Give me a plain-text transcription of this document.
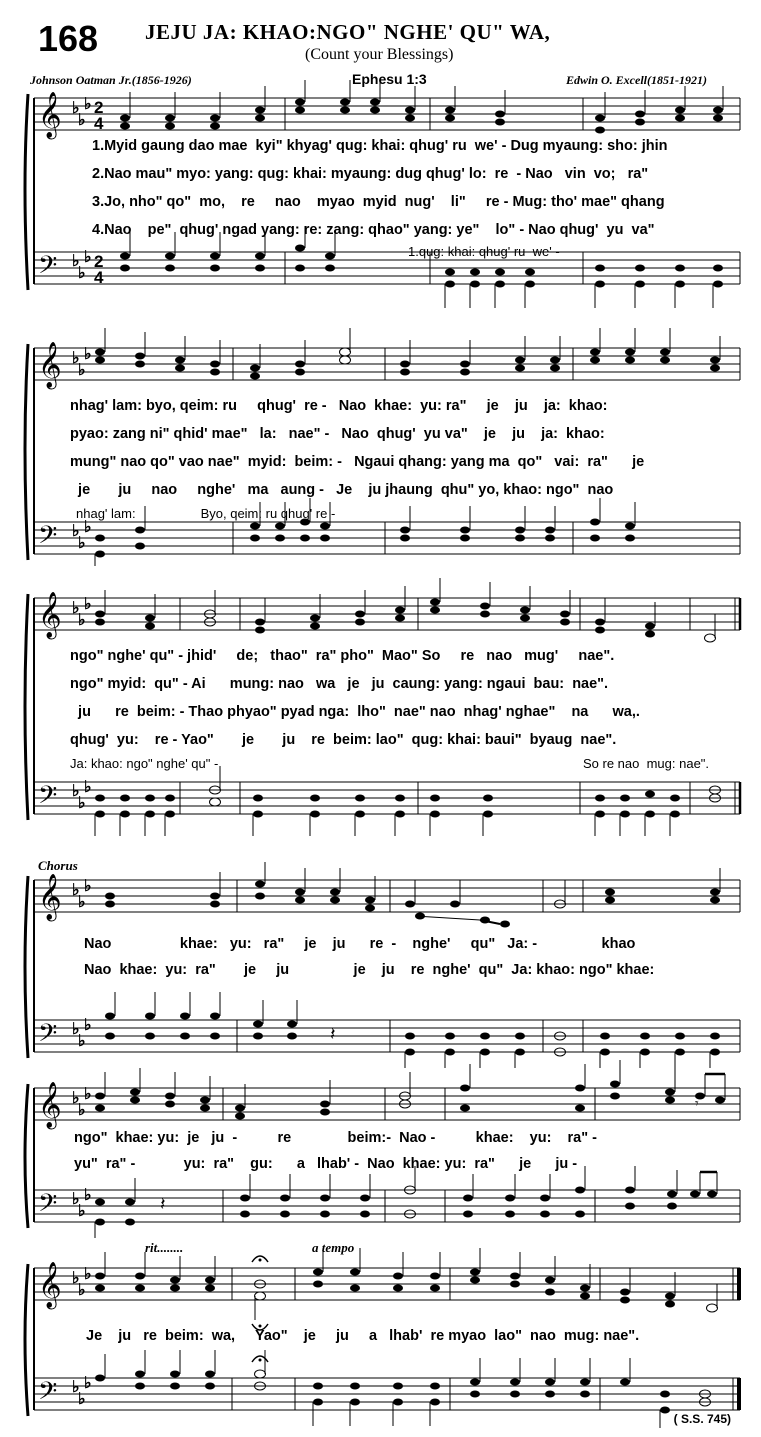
168 JEJU JA: KHAO:NGO" NGHE' QU" WA,
(Count your Blessings)
Johnson Oatman Jr.(1856-1926)	Ephesu 1:3	Edwin O. Excell(1851-1921)
𝄞
𝄢
♭
♭
♭
♭
♭
♭
2
4
2
4
1.Myid gaung dao mae  kyi" khyag' qug: khai: qhug' ru  we' - Dug myaung: sho: jhin
2.Nao mau" myo: yang: qug: khai: myaung: dug qhug' lo:  re  - Nao   vin  vo;   ra"
3.Jo, nho" qo"  mo,    re     nao    myao  myid  nug'    li"     re - Mug: tho' mae" qhang
4.Nao    pe"  qhug' ngad yang: re: zang: qhao" yang: ye"    lo" - Nao qhug'  yu  va"
1.qug: khai: qhug' ru  we' -
𝄞
𝄢
♭
♭
♭
♭
♭
♭
nhag' lam: byo, qeim: ru     qhug'  re -   Nao  khae:  yu: ra"     je    ju    ja:  khao:
pyao: zang ni" qhid' mae"   la:   nae" -   Nao  qhug'  yu va"    je    ju    ja:  khao:
mung" nao qo" vao nae"  myid:  beim: -   Ngaui qhang: yang ma  qo"   vai:  ra"      je
je       ju     nao     nghe'   ma   aung -   Je    ju jhaung  qhu" yo, khao: ngo"  nao
nhag' lam:                  Byo, qeim: ru qhug' re -
𝄞
𝄢
♭
♭
♭
♭
♭
♭
ngo" nghe' qu" - jhid'     de;   thao"  ra" pho"  Mao" So     re   nao   mug'     nae".
ngo" myid:  qu" - Ai      mung: nao   wa   je   ju  caung: yang: ngaui  bau:  nae".
ju      re  beim: - Thao phyao" pyad nga:  lho"  nae" nao  nhag' nghae"    na      wa,.
qhug'  yu:    re - Yao"       je       ju    re  beim: lao"  qug: khai: baui"  byaug  nae".
Ja: khao: ngo" nghe' qu" -	So re nao  mug: nae".
Chorus
𝄞
𝄢
♭
♭
♭
♭
♭
♭	𝄽
Nao                 khae:   yu:   ra"     je    ju      re  -    nghe'     qu"   Ja: -                khao
Nao  khae:  yu:  ra"       je     ju                je    ju    re  nghe'  qu"  Ja: khao: ngo" khae:
𝄞
𝄢
♭
♭
♭
♭
♭
♭	𝄽
𝄾
ngo"  khae: yu:  je   ju  -          re              beim:-  Nao -          khae:    yu:    ra" -
yu"  ra" -            yu:  ra"    gu:      a   lhab' -  Nao  khae: yu:  ra"      je      ju -
rit........	a tempo
𝄞
𝄢
♭
♭
♭
♭
♭
♭
Je    ju   re  beim:  wa,     Yao"    je     ju     a   lhab'  re myao  lao"  nao  mug: nae".
( S.S. 745)
